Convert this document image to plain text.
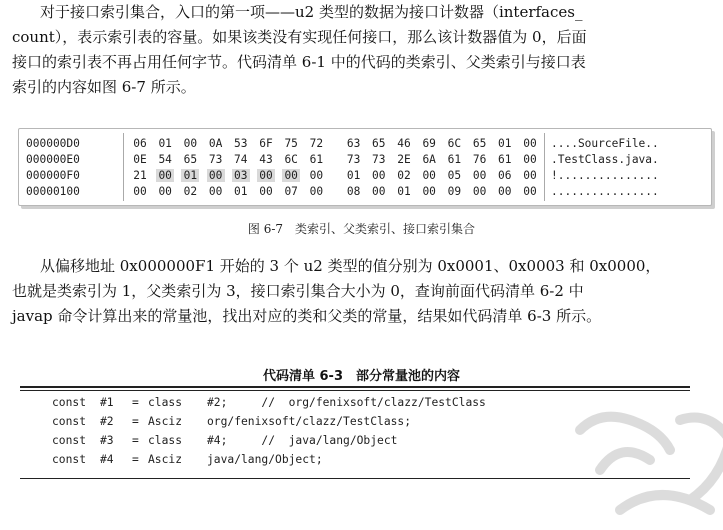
对于接口索引集合，入口的第一项——u2 类型的数据为接口计数器（interfaces_
count），表示索引表的容量。如果该类没有实现任何接口，那么该计数器值为 0，后面
接口的索引表不再占用任何字节。代码清单 6-1 中的代码的类索引、父类索引与接口表
索引的内容如图 6-7 所示。
000000D0	06 01 00 0A 53 6F 75 72 63 65 46 69 6C 65 01 00 ....SourceFile..
000000E0	0E 54 65 73 74 43 6C 61 73 73 2E 6A 61 76 61 00 .TestClass.java.
000000F0	21 00 01 00 03 00 00 00 01 00 02 00 05 00 06 00 !...............
00000100	00 00 02 00 01 00 07 00 08 00 01 00 09 00 00 00 ................
图 6-7　类索引、父类索引、接口索引集合
从偏移地址 0x000000F1 开始的 3 个 u2 类型的值分别为 0x0001、0x0003 和 0x0000，
也就是类索引为 1，父类索引为 3，接口索引集合大小为 0，查询前面代码清单 6-2 中
javap 命令计算出来的常量池，找出对应的类和父类的常量，结果如代码清单 6-3 所示。
代码清单 6-3　部分常量池的内容
const #1 = class #2;     //  org/fenixsoft/clazz/TestClass
const #2 = Asciz org/fenixsoft/clazz/TestClass;
const #3 = class #4;     //  java/lang/Object
const #4 = Asciz java/lang/Object;
